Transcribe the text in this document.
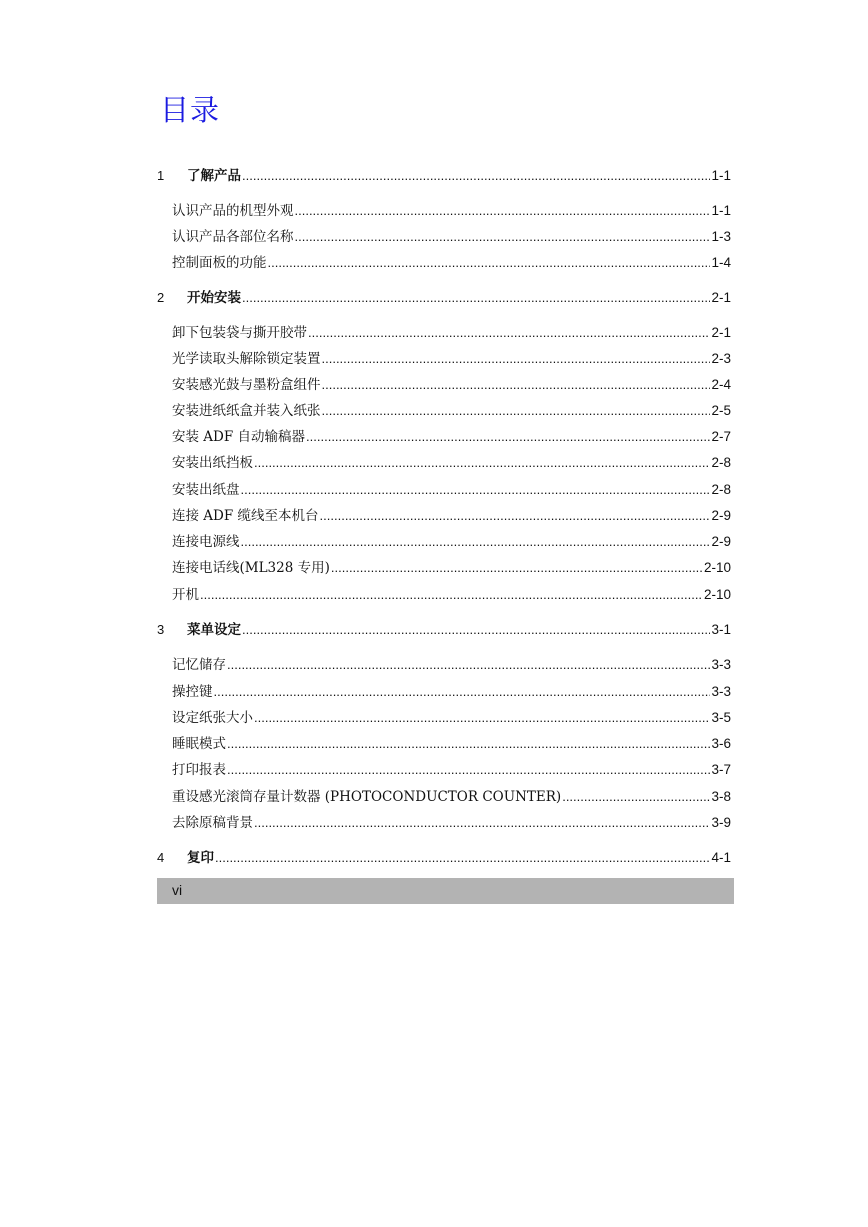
目录
1	了解产品 .....	1-1
认识产品的机型外观 .....	1-1
认识产品各部位名称 .....	1-3
控制面板的功能 .....	1-4
2	开始安装 .....	2-1
卸下包装袋与撕开胶带 .....	2-1
光学读取头解除锁定装置 .....	2-3
安装感光鼓与墨粉盒组件 .....	2-4
安装进纸纸盒并装入纸张 .....	2-5
安装 ADF 自动输稿器 .....	2-7
安装出纸挡板 .....	2-8
安装出纸盘 .....	2-8
连接 ADF 缆线至本机台 .....	2-9
连接电源线 .....	2-9
连接电话线(ML328 专用) .....	2-10
开机 .....	2-10
3	菜单设定 .....	3-1
记忆储存 .....	3-3
操控键 .....	3-3
设定纸张大小 .....	3-5
睡眠模式 .....	3-6
打印报表 .....	3-7
重设感光滚筒存量计数器 (PHOTOCONDUCTOR COUNTER) .....	3-8
去除原稿背景 .....	3-9
4	复印 .....	4-1
vi
